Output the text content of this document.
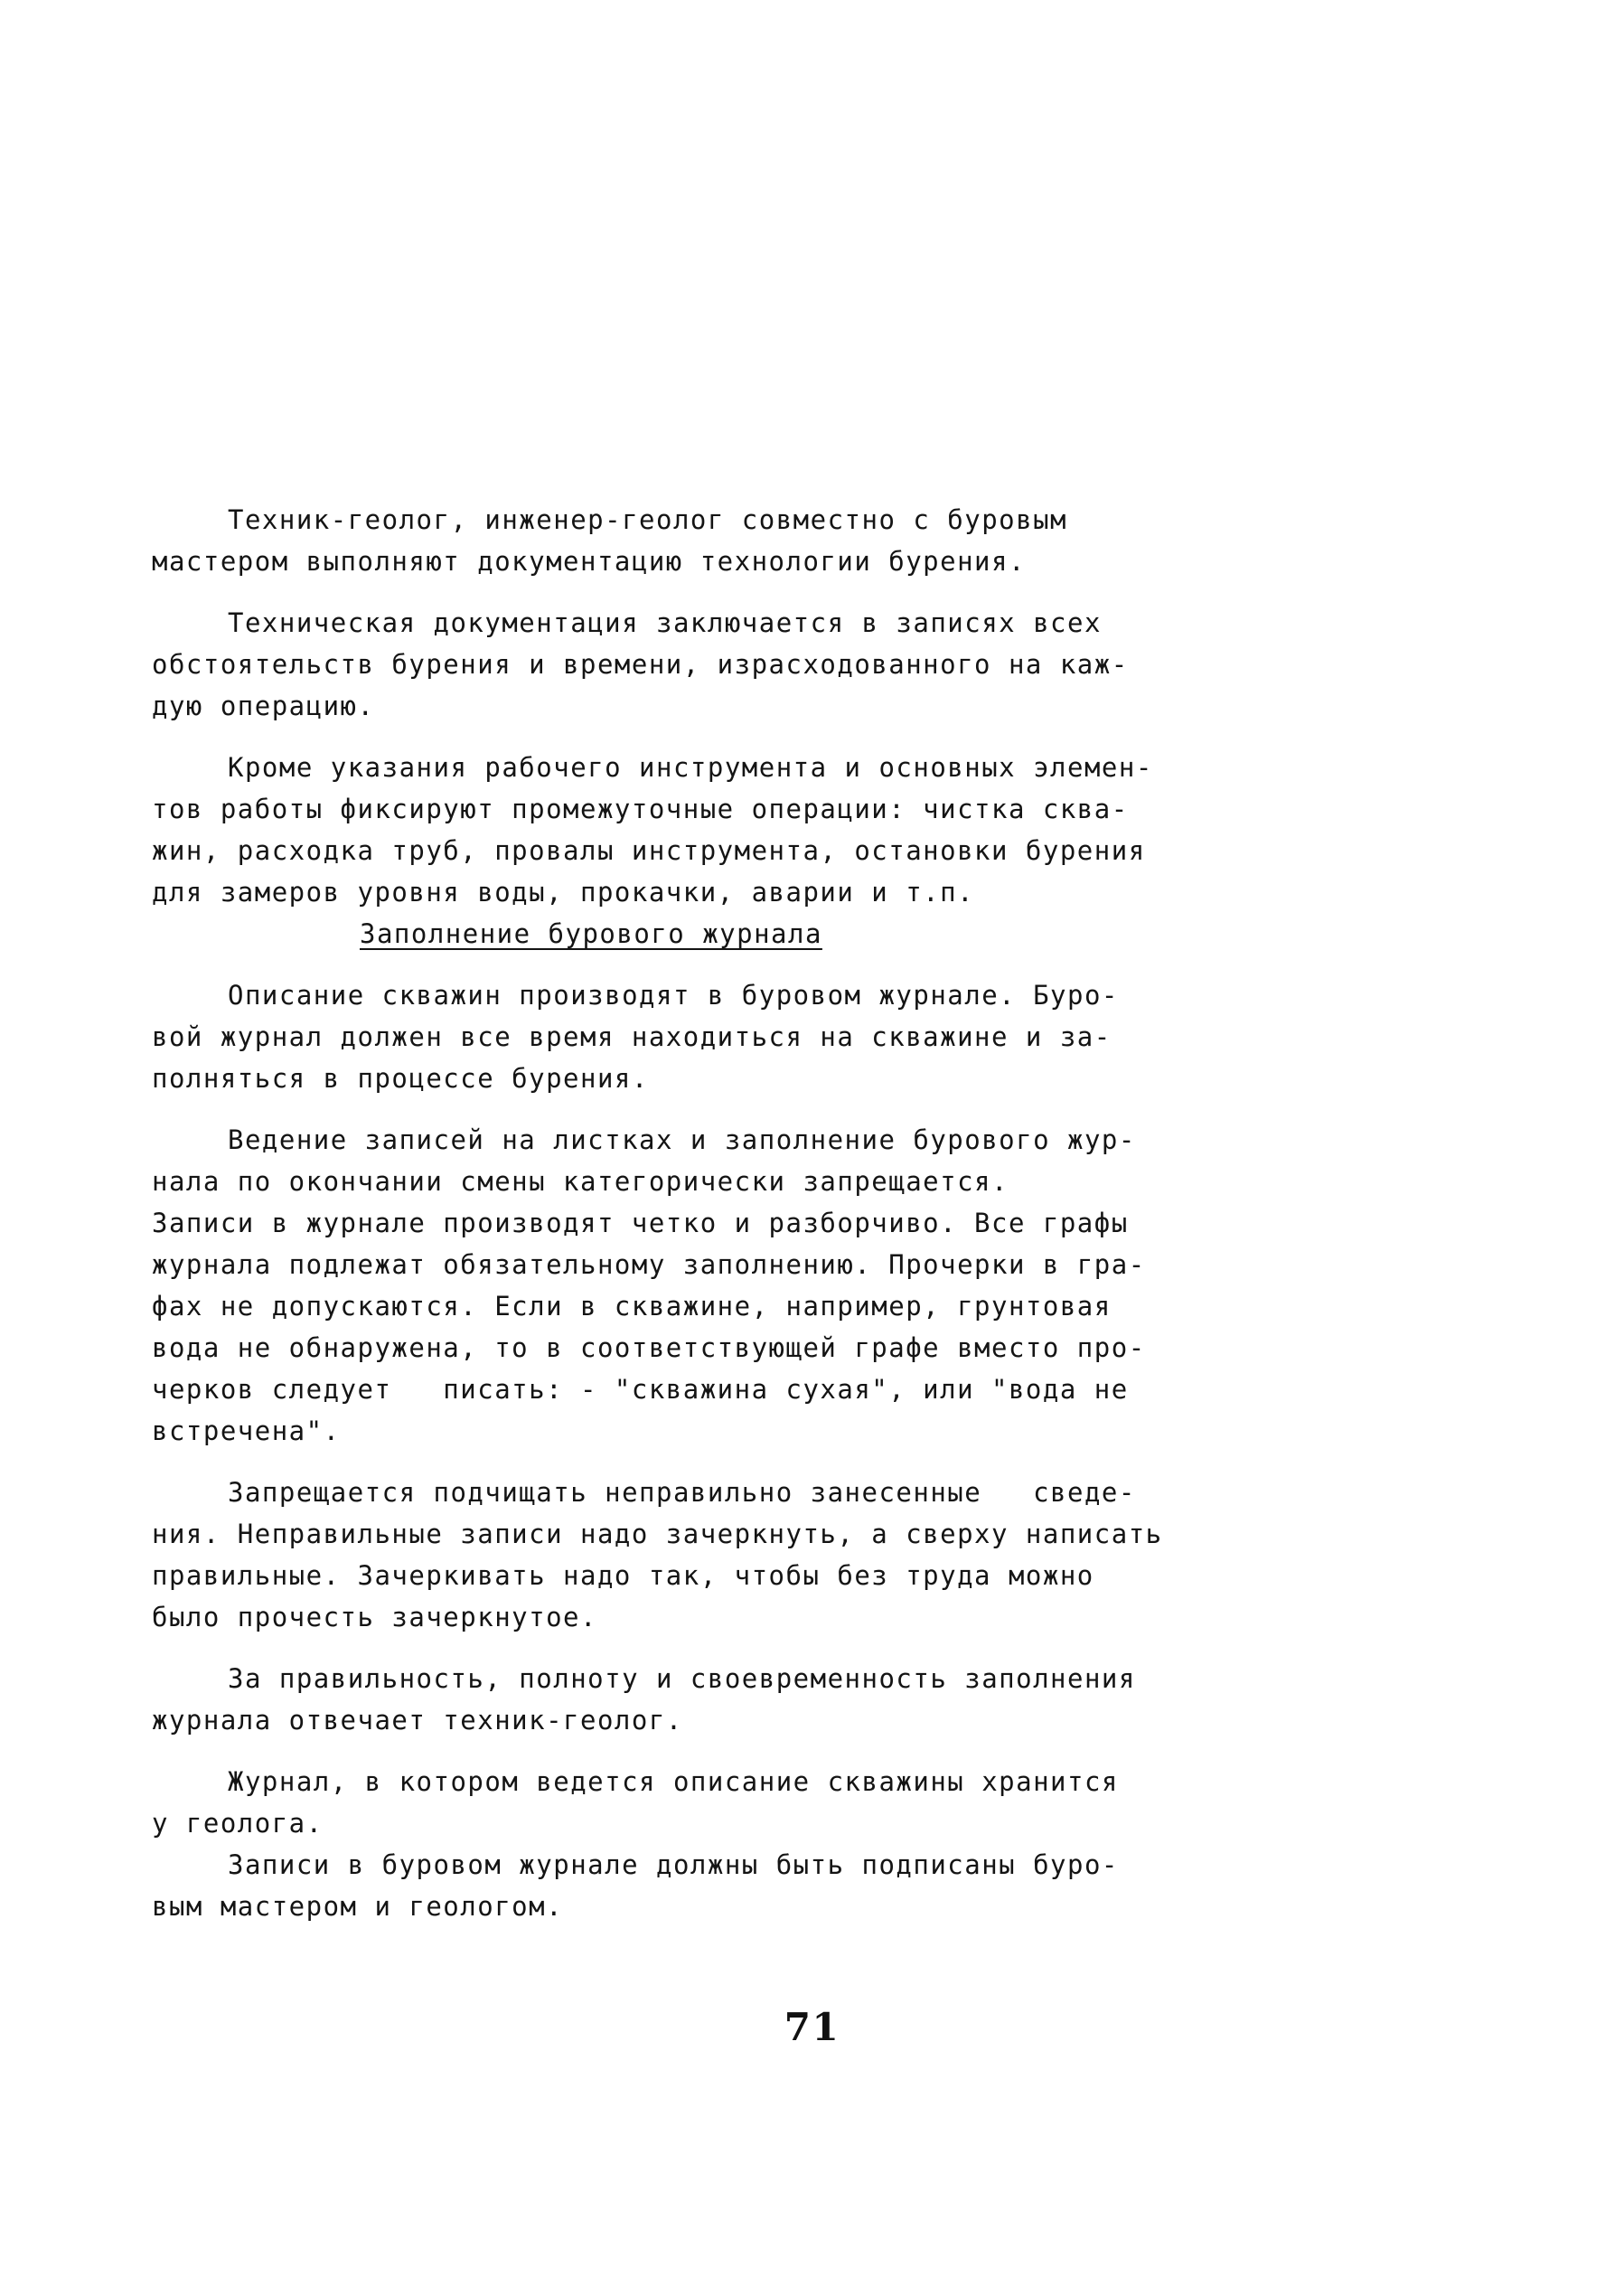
Техник-геолог, инженер-геолог совместно с буровым
мастером выполняют документацию технологии бурения.
Техническая документация заключается в записях всех
обстоятельств бурения и времени, израсходованного на каж-
дую операцию.
Кроме указания рабочего инструмента и основных элемен-
тов работы фиксируют промежуточные операции: чистка сква-
жин, расходка труб, провалы инструмента, остановки бурения
для замеров уровня воды, прокачки, аварии и т.п.
Заполнение бурового журнала
Описание скважин производят в буровом журнале. Буро-
вой журнал должен все время находиться на скважине и за-
полняться в процессе бурения.
Ведение записей на листках и заполнение бурового жур-
нала по окончании смены категорически запрещается.
Записи в журнале производят четко и разборчиво. Все графы
журнала подлежат обязательному заполнению. Прочерки в гра-
фах не допускаются. Если в скважине, например, грунтовая
вода не обнаружена, то в соответствующей графе вместо про-
черков следует   писать: - "скважина сухая", или "вода не
встречена".
Запрещается подчищать неправильно занесенные   сведе-
ния. Неправильные записи надо зачеркнуть, а сверху написать
правильные. Зачеркивать надо так, чтобы без труда можно
было прочесть зачеркнутое.
За правильность, полноту и своевременность заполнения
журнала отвечает техник-геолог.
Журнал, в котором ведется описание скважины хранится
у геолога.
Записи в буровом журнале должны быть подписаны буро-
вым мастером и геологом.
71
